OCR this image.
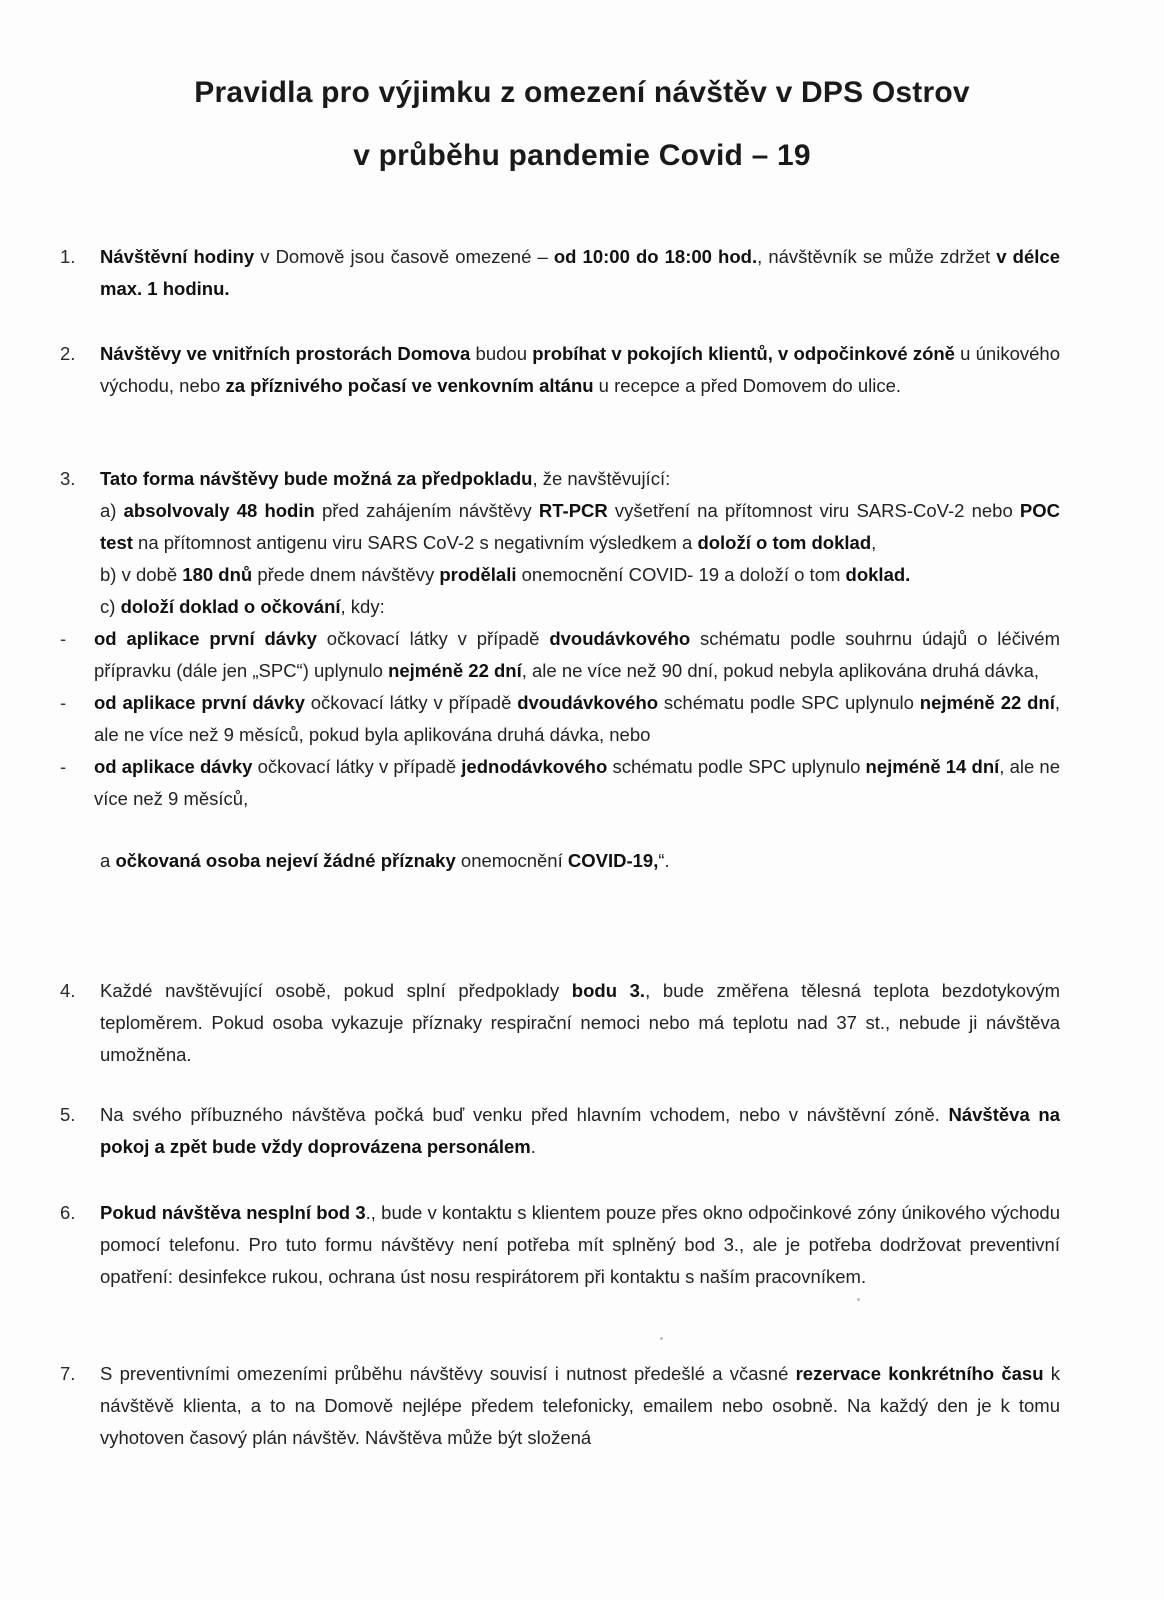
Pravidla pro výjimku z omezení návštěv v DPS Ostrov
v průběhu pandemie Covid – 19
1.	Návštěvní hodiny v Domově jsou časově omezené – od 10:00 do 18:00 hod., návštěvník se může zdržet v délce max. 1 hodinu.
2.	Návštěvy ve vnitřních prostorách Domova budou probíhat v pokojích klientů, v odpočinkové zóně u únikového východu, nebo za příznivého počasí ve venkovním altánu u recepce a před Domovem do ulice.
3.	Tato forma návštěvy bude možná za předpokladu, že navštěvující:
a) absolvovaly 48 hodin před zahájením návštěvy RT-PCR vyšetření na přítomnost viru SARS-CoV-2 nebo POC test na přítomnost antigenu viru SARS CoV-2 s negativním výsledkem a doloží o tom doklad,
b) v době 180 dnů přede dnem návštěvy prodělali onemocnění COVID- 19 a doloží o tom doklad.
c) doloží doklad o očkování, kdy:
- od aplikace první dávky očkovací látky v případě dvoudávkového schématu podle souhrnu údajů o léčivém přípravku (dále jen „SPC“) uplynulo nejméně 22 dní, ale ne více než 90 dní, pokud nebyla aplikována druhá dávka,
- od aplikace první dávky očkovací látky v případě dvoudávkového schématu podle SPC uplynulo nejméně 22 dní, ale ne více než 9 měsíců, pokud byla aplikována druhá dávka, nebo
- od aplikace dávky očkovací látky v případě jednodávkového schématu podle SPC uplynulo nejméně 14 dní, ale ne více než 9 měsíců,
a očkovaná osoba nejeví žádné příznaky onemocnění COVID-19,“.
4.	Každé navštěvující osobě, pokud splní předpoklady bodu 3., bude změřena tělesná teplota bezdotykovým teploměrem. Pokud osoba vykazuje příznaky respirační nemoci nebo má teplotu nad 37 st., nebude ji návštěva umožněna.
5.	Na svého příbuzného návštěva počká buď venku před hlavním vchodem, nebo v návštěvní zóně. Návštěva na pokoj a zpět bude vždy doprovázena personálem.
6.	Pokud návštěva nesplní bod 3., bude v kontaktu s klientem pouze přes okno odpočinkové zóny únikového východu pomocí telefonu. Pro tuto formu návštěvy není potřeba mít splněný bod 3., ale je potřeba dodržovat preventivní opatření: desinfekce rukou, ochrana úst nosu respirátorem při kontaktu s naším pracovníkem.
7.	S preventivními omezeními průběhu návštěvy souvisí i nutnost předešlé a včasné rezervace konkrétního času k návštěvě klienta, a to na Domově nejlépe předem telefonicky, emailem nebo osobně. Na každý den je k tomu vyhotoven časový plán návštěv. Návštěva může být složená
